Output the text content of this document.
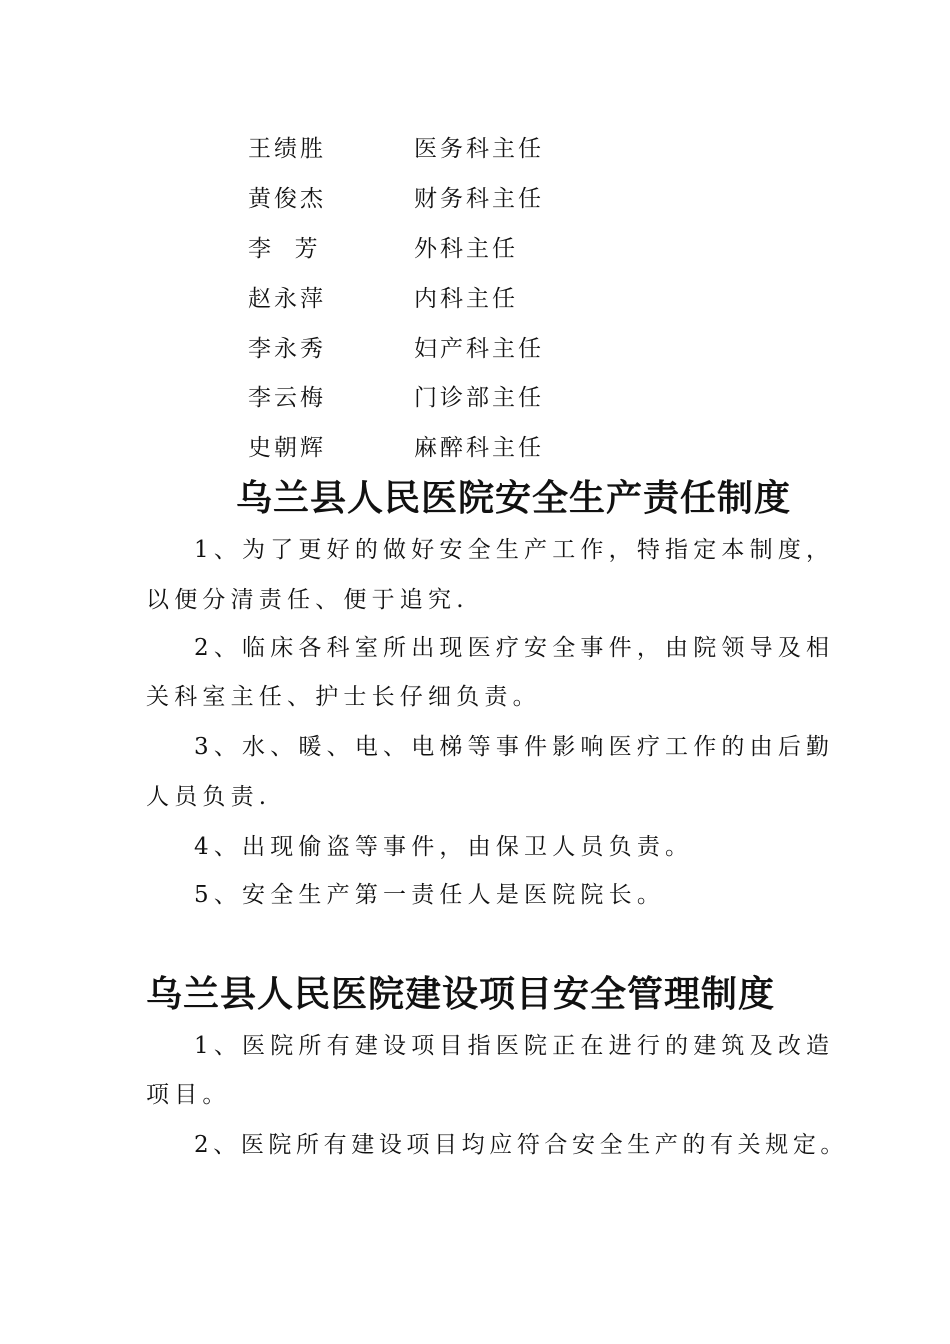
王绩胜	医务科主任
黄俊杰	财务科主任
李  芳	外科主任
赵永萍	内科主任
李永秀	妇产科主任
李云梅	门诊部主任
史朝辉	麻醉科主任
乌兰县人民医院安全生产责任制度
1、为了更好的做好安全生产工作，特指定本制度，
以便分清责任、便于追究.
2、临床各科室所出现医疗安全事件，由院领导及相
关科室主任、护士长仔细负责。
3、水、暖、电、电梯等事件影响医疗工作的由后勤
人员负责.
4、出现偷盗等事件，由保卫人员负责。
5、安全生产第一责任人是医院院长。
乌兰县人民医院建设项目安全管理制度
1、医院所有建设项目指医院正在进行的建筑及改造
项目。
2、医院所有建设项目均应符合安全生产的有关规定。
